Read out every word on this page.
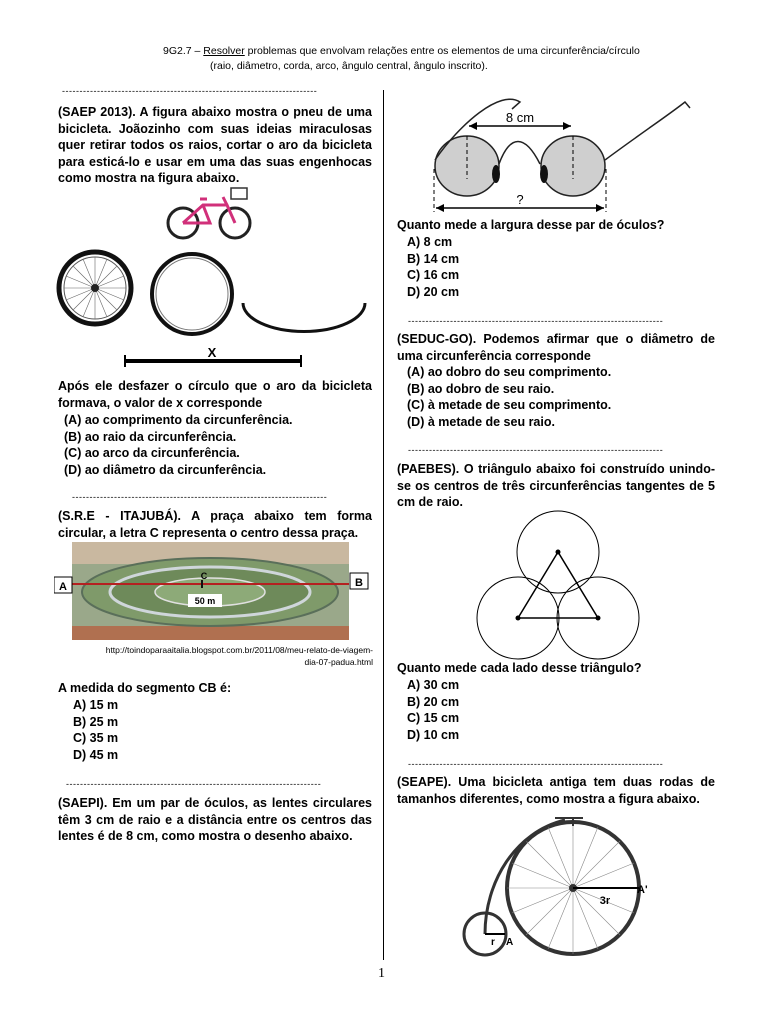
9G2.7 – Resolver problemas que envolvam relações entre os elementos de uma circunferência/círculo
(raio, diâmetro, corda, arco, ângulo central, ângulo inscrito).
-------------------------------------------------------------------------
(SAEP 2013). A figura abaixo mostra o pneu de uma bicicleta. Joãozinho com suas ideias miraculosas quer retirar todos os raios, cortar o aro da bicicleta para esticá-lo e usar em uma das suas engenhocas como mostra na figura abaixo.
X
Após ele desfazer o círculo que o aro da bicicleta formava, o valor de x corresponde
(A) ao comprimento da circunferência.
(B) ao raio da circunferência.
(C) ao arco da circunferência.
(D) ao diâmetro da circunferência.
-------------------------------------------------------------------------
(S.R.E - ITAJUBÁ). A praça abaixo tem forma circular, a letra C representa o centro dessa praça.
A	B
C
50 m
http://toindoparaaitalia.blogspot.com.br/2011/08/meu-relato-de-viagem-
dia-07-padua.html
A medida do segmento CB é:
A) 15 m
B) 25 m
C) 35 m
D) 45 m
-------------------------------------------------------------------------
(SAEPI). Em um par de óculos, as lentes circulares têm 3 cm de raio e a distância entre os centros das lentes é de 8 cm, como mostra o desenho abaixo.
8 cm
?
Quanto mede a largura desse par de óculos?
A) 8 cm
B) 14 cm
C) 16 cm
D) 20 cm
-------------------------------------------------------------------------
(SEDUC-GO). Podemos afirmar que o diâmetro de uma circunferência corresponde
(A) ao dobro do seu comprimento.
(B) ao dobro de seu raio.
(C) à metade de seu comprimento.
(D) à metade de seu raio.
-------------------------------------------------------------------------
(PAEBES). O triângulo abaixo foi construído unindo-se os centros de três circunferências tangentes de 5 cm de raio.
Quanto mede cada lado desse triângulo?
A) 30 cm
B) 20 cm
C) 15 cm
D) 10 cm
-------------------------------------------------------------------------
(SEAPE). Uma bicicleta antiga tem duas rodas de tamanhos diferentes, como mostra a figura abaixo.
3r
A'
r A
1
